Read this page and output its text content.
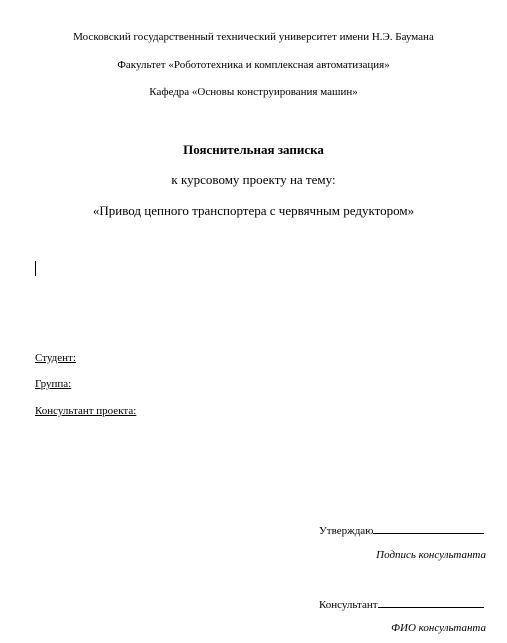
Московский государственный технический университет имени Н.Э. Баумана
Факультет «Робототехника и комплексная автоматизация»
Кафедра «Основы конструирования машин»
Пояснительная записка
к курсовому проекту на тему:
«Привод цепного транспортера с червячным редуктором»
Студент:
Группа:
Консультант проекта:
Утверждаю
Подпись консультанта
Консультант
ФИО консультанта
